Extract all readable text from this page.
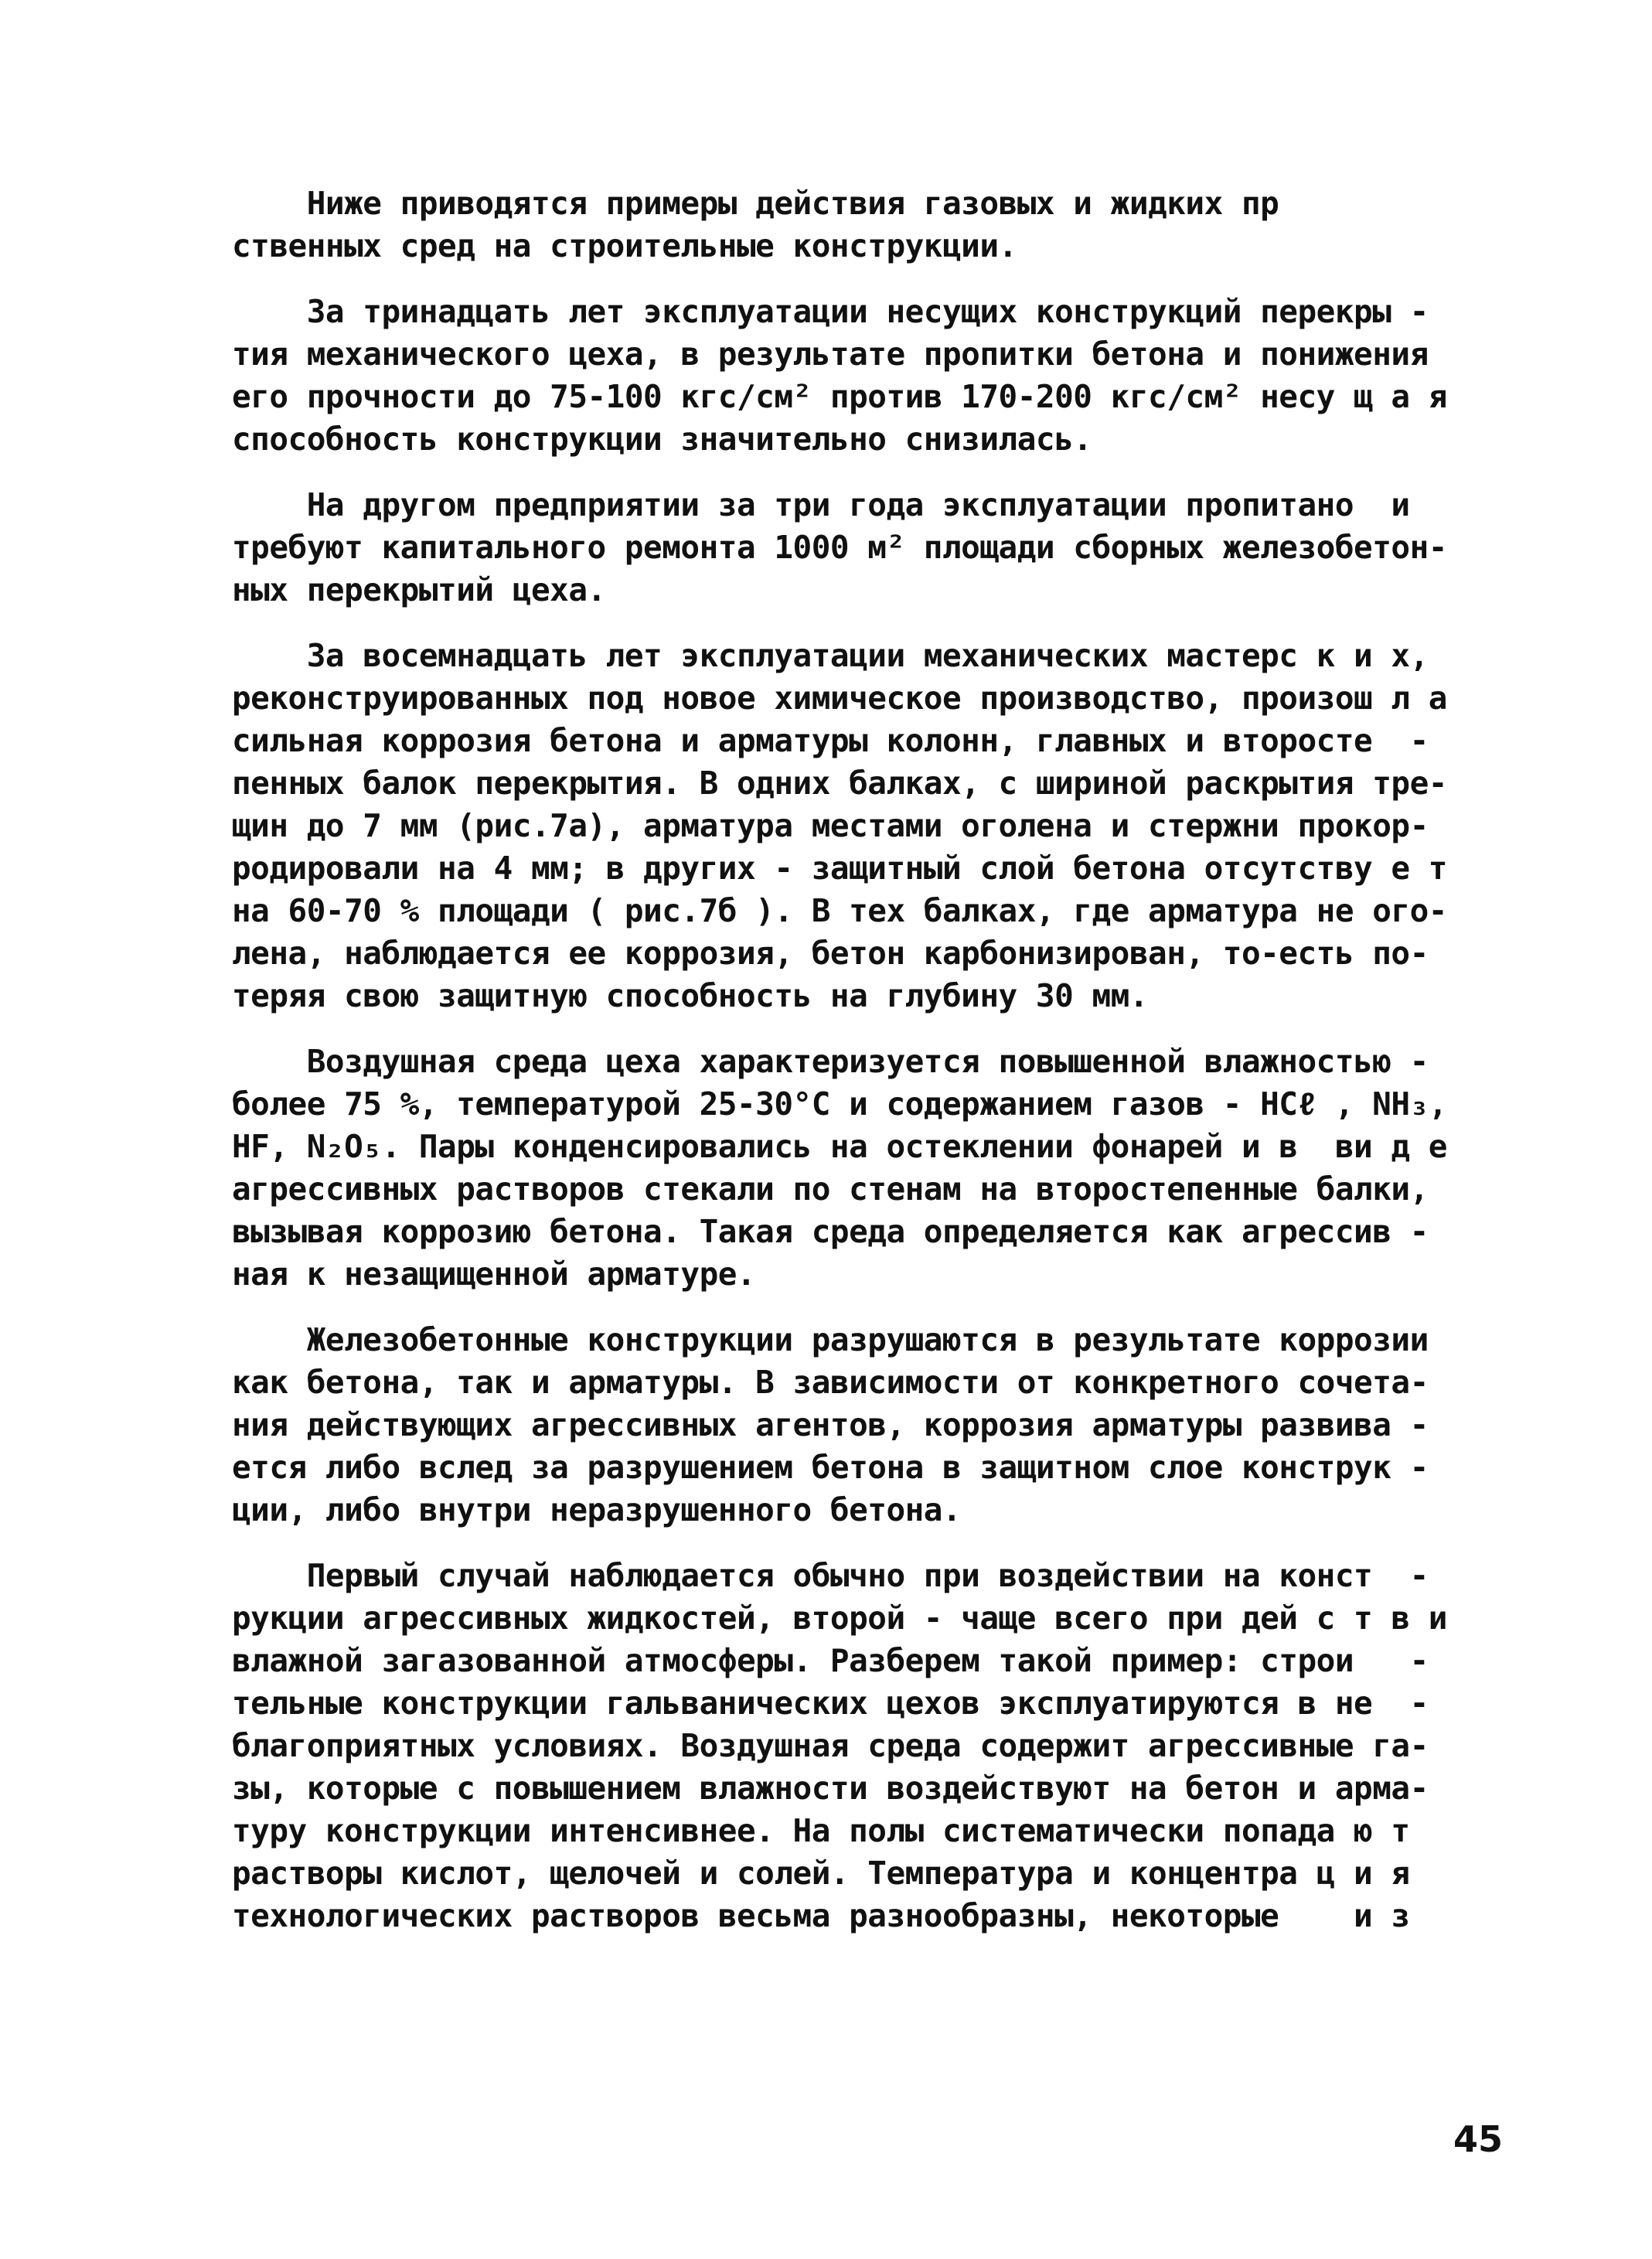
Ниже приводятся примеры действия газовых и жидких пр
ственных сред на строительные конструкции.
За тринадцать лет эксплуатации несущих конструкций перекры -
тия механического цеха, в результате пропитки бетона и понижения
его прочности до 75-100 кгс/см² против 170-200 кгс/см² несу щ а я
способность конструкции значительно снизилась.
На другом предприятии за три года эксплуатации пропитано  и
требуют капитального ремонта 1000 м² площади сборных железобетон-
ных перекрытий цеха.
За восемнадцать лет эксплуатации механических мастерс к и х,
реконструированных под новое химическое производство, произош л а
сильная коррозия бетона и арматуры колонн, главных и второсте  -
пенных балок перекрытия. В одних балках, с шириной раскрытия тре-
щин до 7 мм (рис.7а), арматура местами оголена и стержни прокор-
родировали на 4 мм; в других - защитный слой бетона отсутству е т
на 60-70 % площади ( рис.7б ). В тех балках, где арматура не ого-
лена, наблюдается ее коррозия, бетон карбонизирован, то-есть по-
теряя свою защитную способность на глубину 30 мм.
Воздушная среда цеха характеризуется повышенной влажностью -
более 75 %, температурой 25-30°С и содержанием газов - HCℓ , NH₃,
HF, N₂O₅. Пары конденсировались на остеклении фонарей и в  ви д е
агрессивных растворов стекали по стенам на второстепенные балки,
вызывая коррозию бетона. Такая среда определяется как агрессив -
ная к незащищенной арматуре.
Железобетонные конструкции разрушаются в результате коррозии
как бетона, так и арматуры. В зависимости от конкретного сочета-
ния действующих агрессивных агентов, коррозия арматуры развива -
ется либо вслед за разрушением бетона в защитном слое конструк -
ции, либо внутри неразрушенного бетона.
Первый случай наблюдается обычно при воздействии на конст  -
рукции агрессивных жидкостей, второй - чаще всего при дей с т в и
влажной загазованной атмосферы. Разберем такой пример: строи   -
тельные конструкции гальванических цехов эксплуатируются в не  -
благоприятных условиях. Воздушная среда содержит агрессивные га-
зы, которые с повышением влажности воздействуют на бетон и арма-
туру конструкции интенсивнее. На полы систематически попада ю т
растворы кислот, щелочей и солей. Температура и концентра ц и я
технологических растворов весьма разнообразны, некоторые    и з
45
